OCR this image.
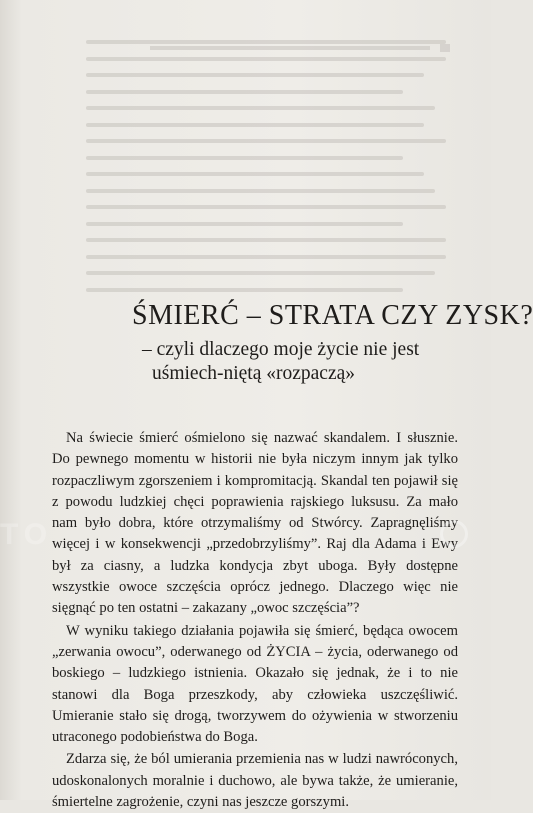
ŚMIERĆ – STRATA CZY ZYSK?
– czyli dlaczego moje życie nie jest uśmiech-niętą «rozpaczą»

Na świecie śmierć ośmielono się nazwać skandalem. I słusznie. Do pewnego momentu w historii nie była niczym innym jak tylko rozpaczliwym zgorszeniem i kompromitacją. Skandal ten pojawił się z powodu ludzkiej chęci poprawienia rajskiego luksusu. Za mało nam było dobra, które otrzymaliśmy od Stwórcy. Zapragnęliśmy więcej i w konsekwencji „przedobrzyliśmy”. Raj dla Adama i Ewy był za ciasny, a ludzka kondycja zbyt uboga. Były dostępne wszystkie owoce szczęścia oprócz jednego. Dlaczego więc nie sięgnąć po ten ostatni – zakazany „owoc szczęścia”?

W wyniku takiego działania pojawiła się śmierć, będąca owocem „zerwania owocu”, oderwanego od ŻYCIA – życia, oderwanego od boskiego – ludzkiego istnienia. Okazało się jednak, że i to nie stanowi dla Boga przeszkody, aby człowieka uszczęśliwić. Umieranie stało się drogą, tworzywem do ożywienia w stworzeniu utraconego podobieństwa do Boga.

Zdarza się, że ból umierania przemienia nas w ludzi nawróconych, udoskonalonych moralnie i duchowo, ale bywa także, że umieranie, śmiertelne zagrożenie, czyni nas jeszcze gorszymi.

TO
